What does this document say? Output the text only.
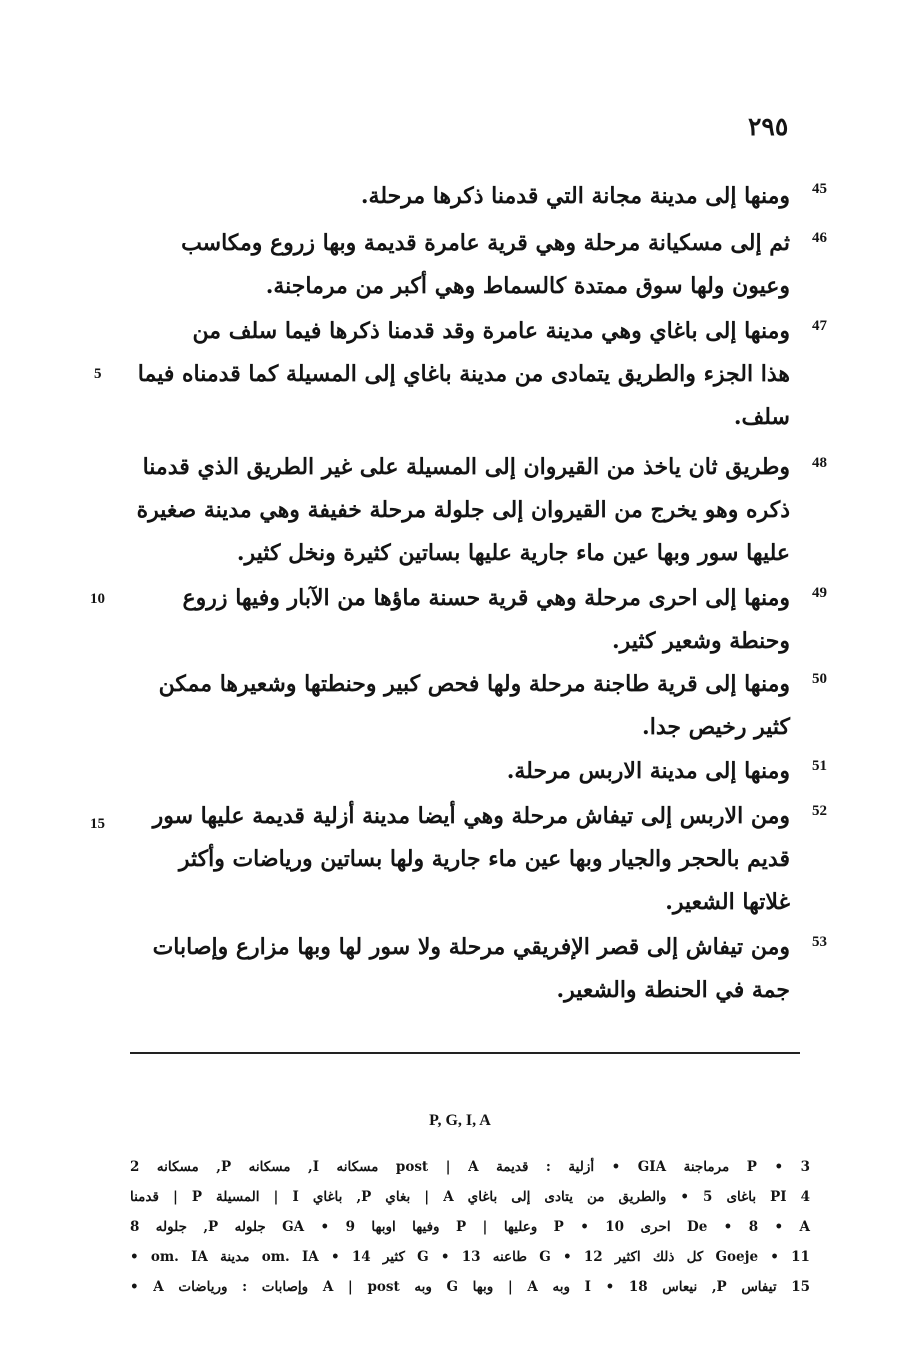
٢٩٥
45
ومنها إلى مدينة مجانة التي قدمنا ذكرها مرحلة.
46
ثم إلى مسكيانة مرحلة وهي قرية عامرة قديمة وبها زروع ومكاسب
وعيون ولها سوق ممتدة كالسماط وهي أكبر من مرماجنة.
47
ومنها إلى باغاي وهي مدينة عامرة وقد قدمنا ذكرها فيما سلف من
هذا الجزء والطريق يتمادى من مدينة باغاي إلى المسيلة كما قدمناه فيما
سلف.
5
48
وطريق ثان ياخذ من القيروان إلى المسيلة على غير الطريق الذي قدمنا
ذكره وهو يخرج من القيروان إلى جلولة مرحلة خفيفة وهي مدينة صغيرة
عليها سور وبها عين ماء جارية عليها بساتين كثيرة ونخل كثير.
49
ومنها إلى احرى مرحلة وهي قرية حسنة ماؤها من الآبار وفيها زروع
وحنطة وشعير كثير.
10
50
ومنها إلى قرية طاجنة مرحلة ولها فحص كبير وحنطتها وشعيرها ممكن
كثير رخيص جدا.
51
ومنها إلى مدينة الاربس مرحلة.
52
ومن الاربس إلى تيفاش مرحلة وهي أيضا مدينة أزلية قديمة عليها سور
قديم بالحجر والجيار وبها عين ماء جارية ولها بساتين ورياضات وأكثر
غلاتها الشعير.
15
53
ومن تيفاش إلى قصر الإفريقي مرحلة ولا سور لها وبها مزارع وإصابات
جمة في الحنطة والشعير.
P, G, I, A
P • 3 مرماجنة GIA • أزلية : قديمة post | A مسكانه I, مسكانه P, مسكانه 2
4 PI باغاى 5 • والطريق من يتادى إلى باغاي A | بغاي P, باغاي I | المسيلة P | قدمنا
De • 8 • A احرى 10 • P وعليها | P وفيها اوبها 9 • GA جلوله P, جلوله 8
Goeje • 11 كل ذلك اكثير G • 12 طاعنه G • 13 كثير om. IA • 14 مدينة om. IA •
15 تيفاس P, نيعاس I • 18 وبه A | وبها G وبه A | post وإصابات : ورياضات A •
